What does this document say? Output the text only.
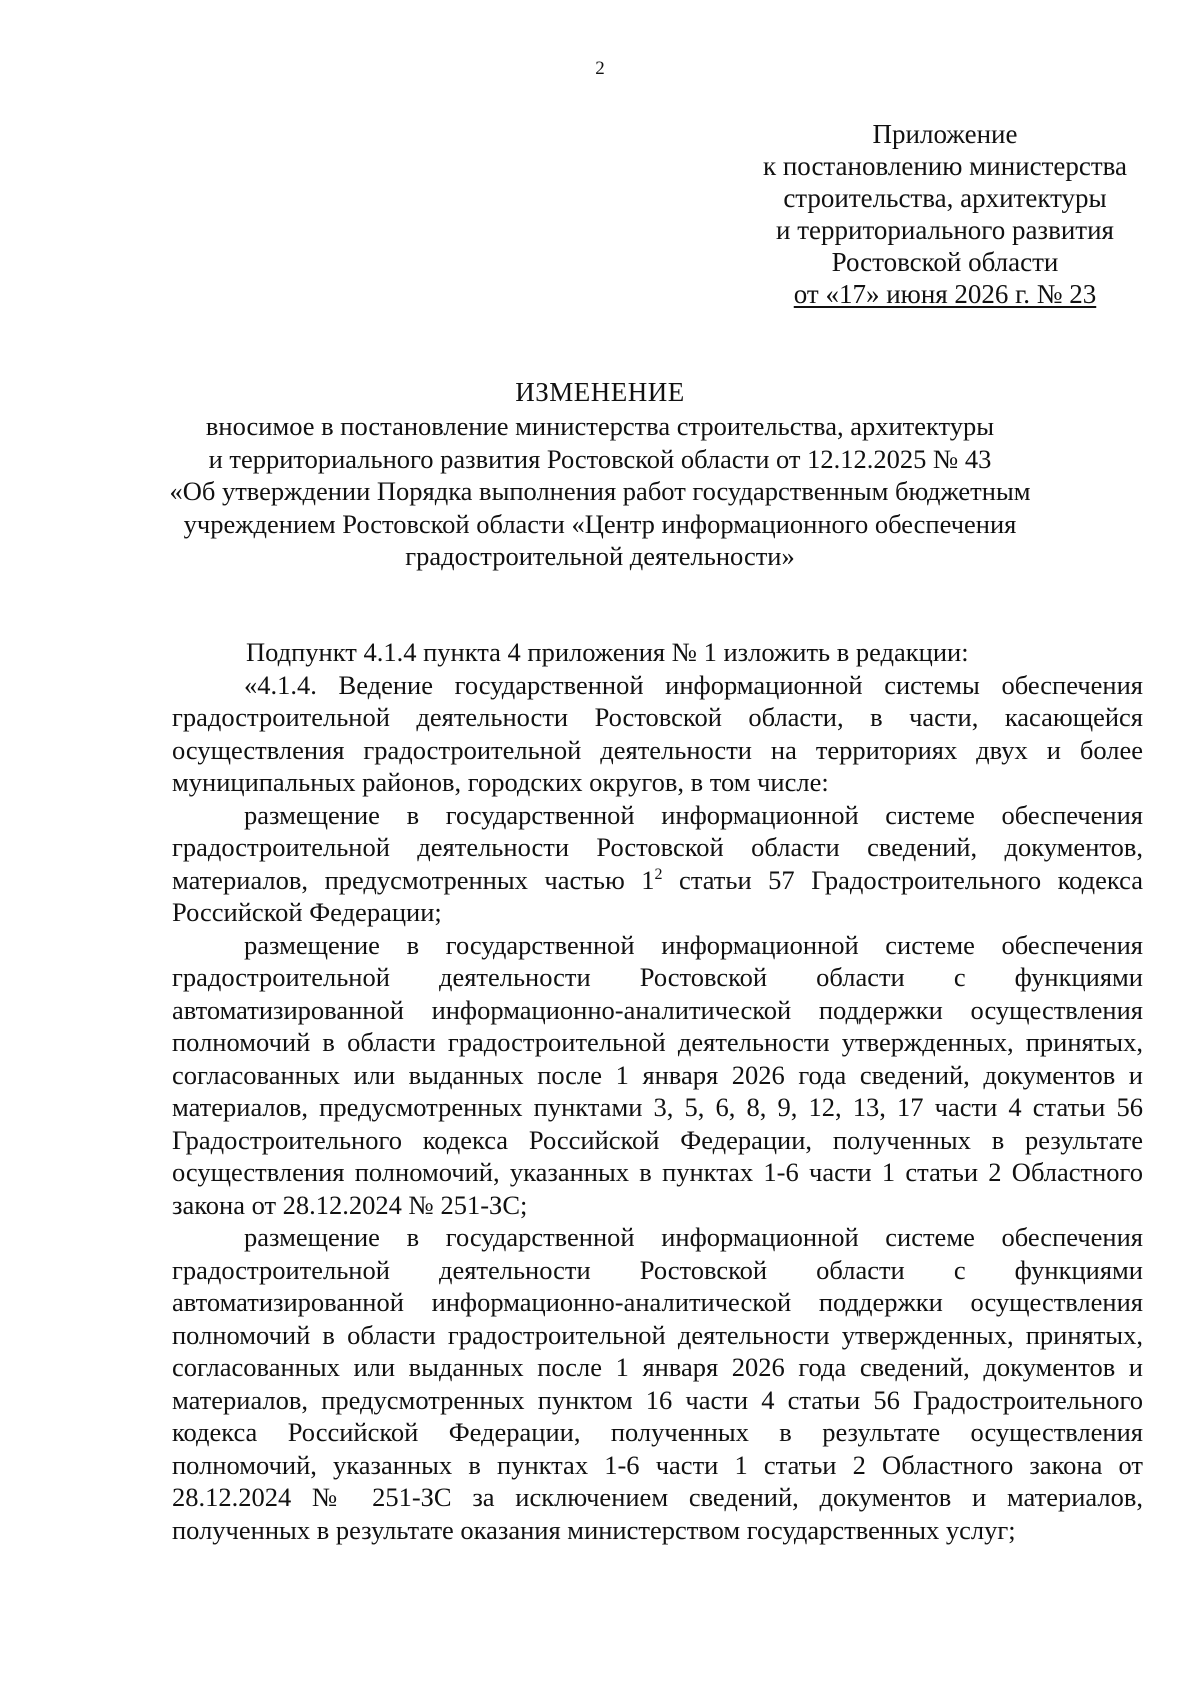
2
Приложение
к постановлению министерства
строительства, архитектуры
и территориального развития
Ростовской области
от «17» июня 2026 г. № 23
ИЗМЕНЕНИЕ
вносимое в постановление министерства строительства, архитектуры
и территориального развития Ростовской области от 12.12.2025 № 43
«Об утверждении Порядка выполнения работ государственным бюджетным
учреждением Ростовской области «Центр информационного обеспечения
градостроительной деятельности»

Подпункт 4.1.4 пункта 4 приложения № 1 изложить в редакции:

«4.1.4. Ведение государственной информационной системы обеспечения градостроительной деятельности Ростовской области, в части, касающейся осуществления градостроительной деятельности на территориях двух и более муниципальных районов, городских округов, в том числе:

размещение в государственной информационной системе обеспечения градостроительной деятельности Ростовской области сведений, документов, материалов, предусмотренных частью $1^2$ статьи 57 Градостроительного кодекса Российской Федерации;

размещение в государственной информационной системе обеспечения градостроительной деятельности Ростовской области с функциями автоматизированной информационно-аналитической поддержки осуществления полномочий в области градостроительной деятельности утвержденных, принятых, согласованных или выданных после 1 января 2026 года сведений, документов и материалов, предусмотренных пунктами 3, 5, 6, 8, 9, 12, 13, 17 части 4 статьи 56 Градостроительного кодекса Российской Федерации, полученных в результате осуществления полномочий, указанных в пунктах 1-6 части 1 статьи 2 Областного закона от 28.12.2024 № 251-ЗС;

размещение в государственной информационной системе обеспечения градостроительной деятельности Ростовской области с функциями автоматизированной информационно-аналитической поддержки осуществления полномочий в области градостроительной деятельности утвержденных, принятых, согласованных или выданных после 1 января 2026 года сведений, документов и материалов, предусмотренных пунктом 16 части 4 статьи 56 Градостроительного кодекса Российской Федерации, полученных в результате осуществления полномочий, указанных в пунктах 1-6 части 1 статьи 2 Областного закона от 28.12.2024 № 251-ЗС за исключением сведений, документов и материалов, полученных в результате оказания министерством государственных услуг;
